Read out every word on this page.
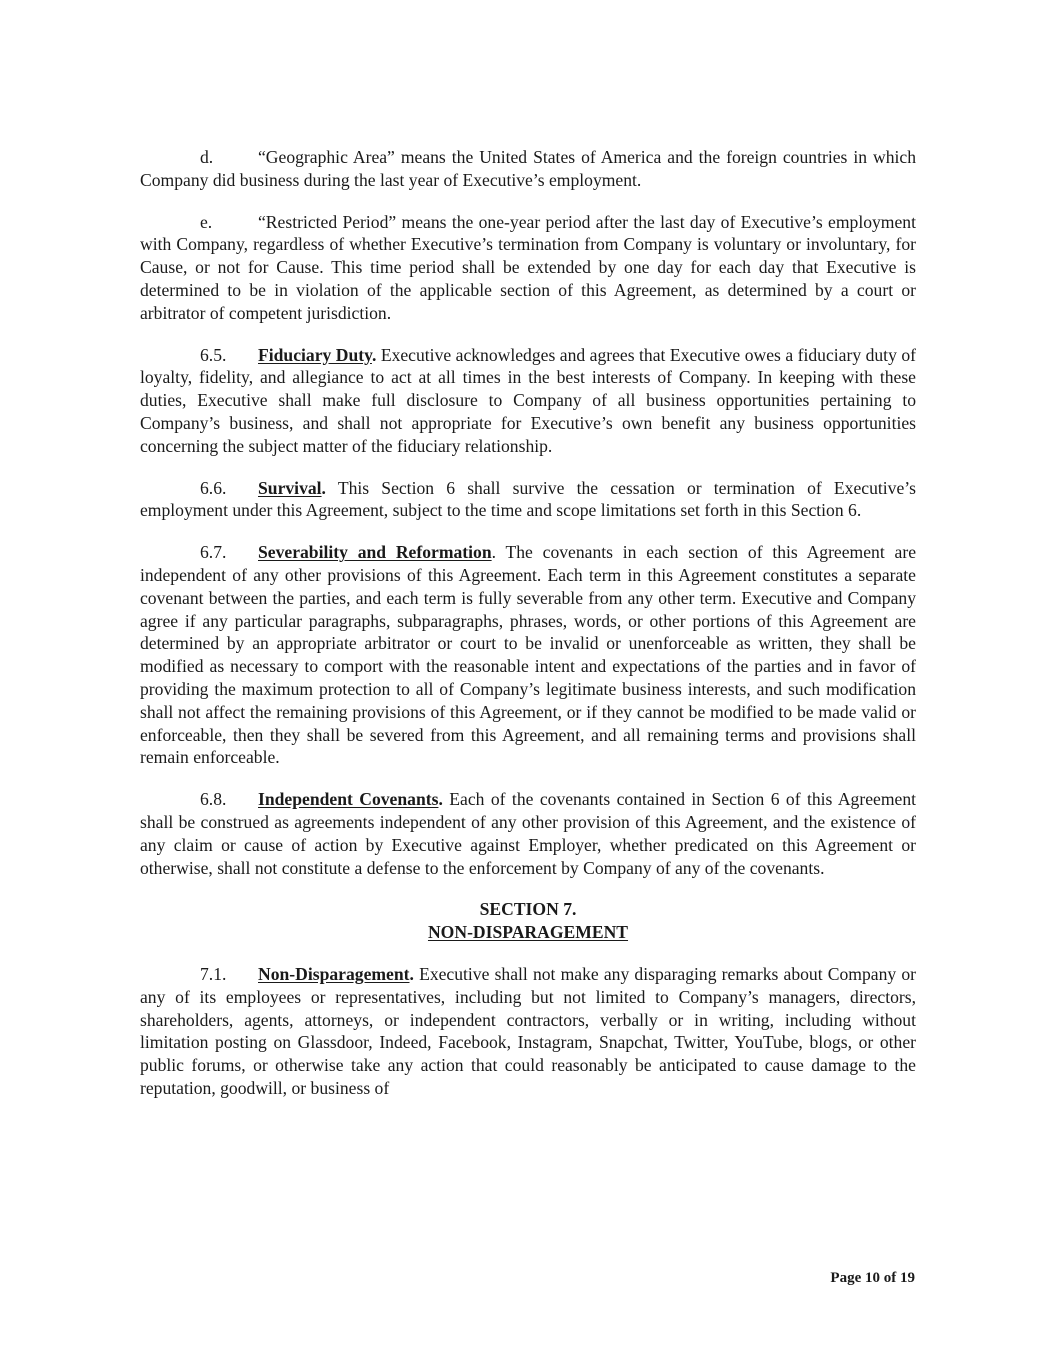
d.	“Geographic Area” means the United States of America and the foreign countries in which Company did business during the last year of Executive’s employment.

e.	“Restricted Period” means the one-year period after the last day of Executive’s employment with Company, regardless of whether Executive’s termination from Company is voluntary or involuntary, for Cause, or not for Cause. This time period shall be extended by one day for each day that Executive is determined to be in violation of the applicable section of this Agreement, as determined by a court or arbitrator of competent jurisdiction.

6.5. Fiduciary Duty. Executive acknowledges and agrees that Executive owes a fiduciary duty of loyalty, fidelity, and allegiance to act at all times in the best interests of Company. In keeping with these duties, Executive shall make full disclosure to Company of all business opportunities pertaining to Company’s business, and shall not appropriate for Executive’s own benefit any business opportunities concerning the subject matter of the fiduciary relationship.

6.6. Survival. This Section 6 shall survive the cessation or termination of Executive’s employment under this Agreement, subject to the time and scope limitations set forth in this Section 6.

6.7. Severability and Reformation. The covenants in each section of this Agreement are independent of any other provisions of this Agreement. Each term in this Agreement constitutes a separate covenant between the parties, and each term is fully severable from any other term. Executive and Company agree if any particular paragraphs, subparagraphs, phrases, words, or other portions of this Agreement are determined by an appropriate arbitrator or court to be invalid or unenforceable as written, they shall be modified as necessary to comport with the reasonable intent and expectations of the parties and in favor of providing the maximum protection to all of Company’s legitimate business interests, and such modification shall not affect the remaining provisions of this Agreement, or if they cannot be modified to be made valid or enforceable, then they shall be severed from this Agreement, and all remaining terms and provisions shall remain enforceable.

6.8. Independent Covenants. Each of the covenants contained in Section 6 of this Agreement shall be construed as agreements independent of any other provision of this Agreement, and the existence of any claim or cause of action by Executive against Employer, whether predicated on this Agreement or otherwise, shall not constitute a defense to the enforcement by Company of any of the covenants.

SECTION 7.
NON-DISPARAGEMENT

7.1. Non-Disparagement. Executive shall not make any disparaging remarks about Company or any of its employees or representatives, including but not limited to Company’s managers, directors, shareholders, agents, attorneys, or independent contractors, verbally or in writing, including without limitation posting on Glassdoor, Indeed, Facebook, Instagram, Snapchat, Twitter, YouTube, blogs, or other public forums, or otherwise take any action that could reasonably be anticipated to cause damage to the reputation, goodwill, or business of

Page 10 of 19
